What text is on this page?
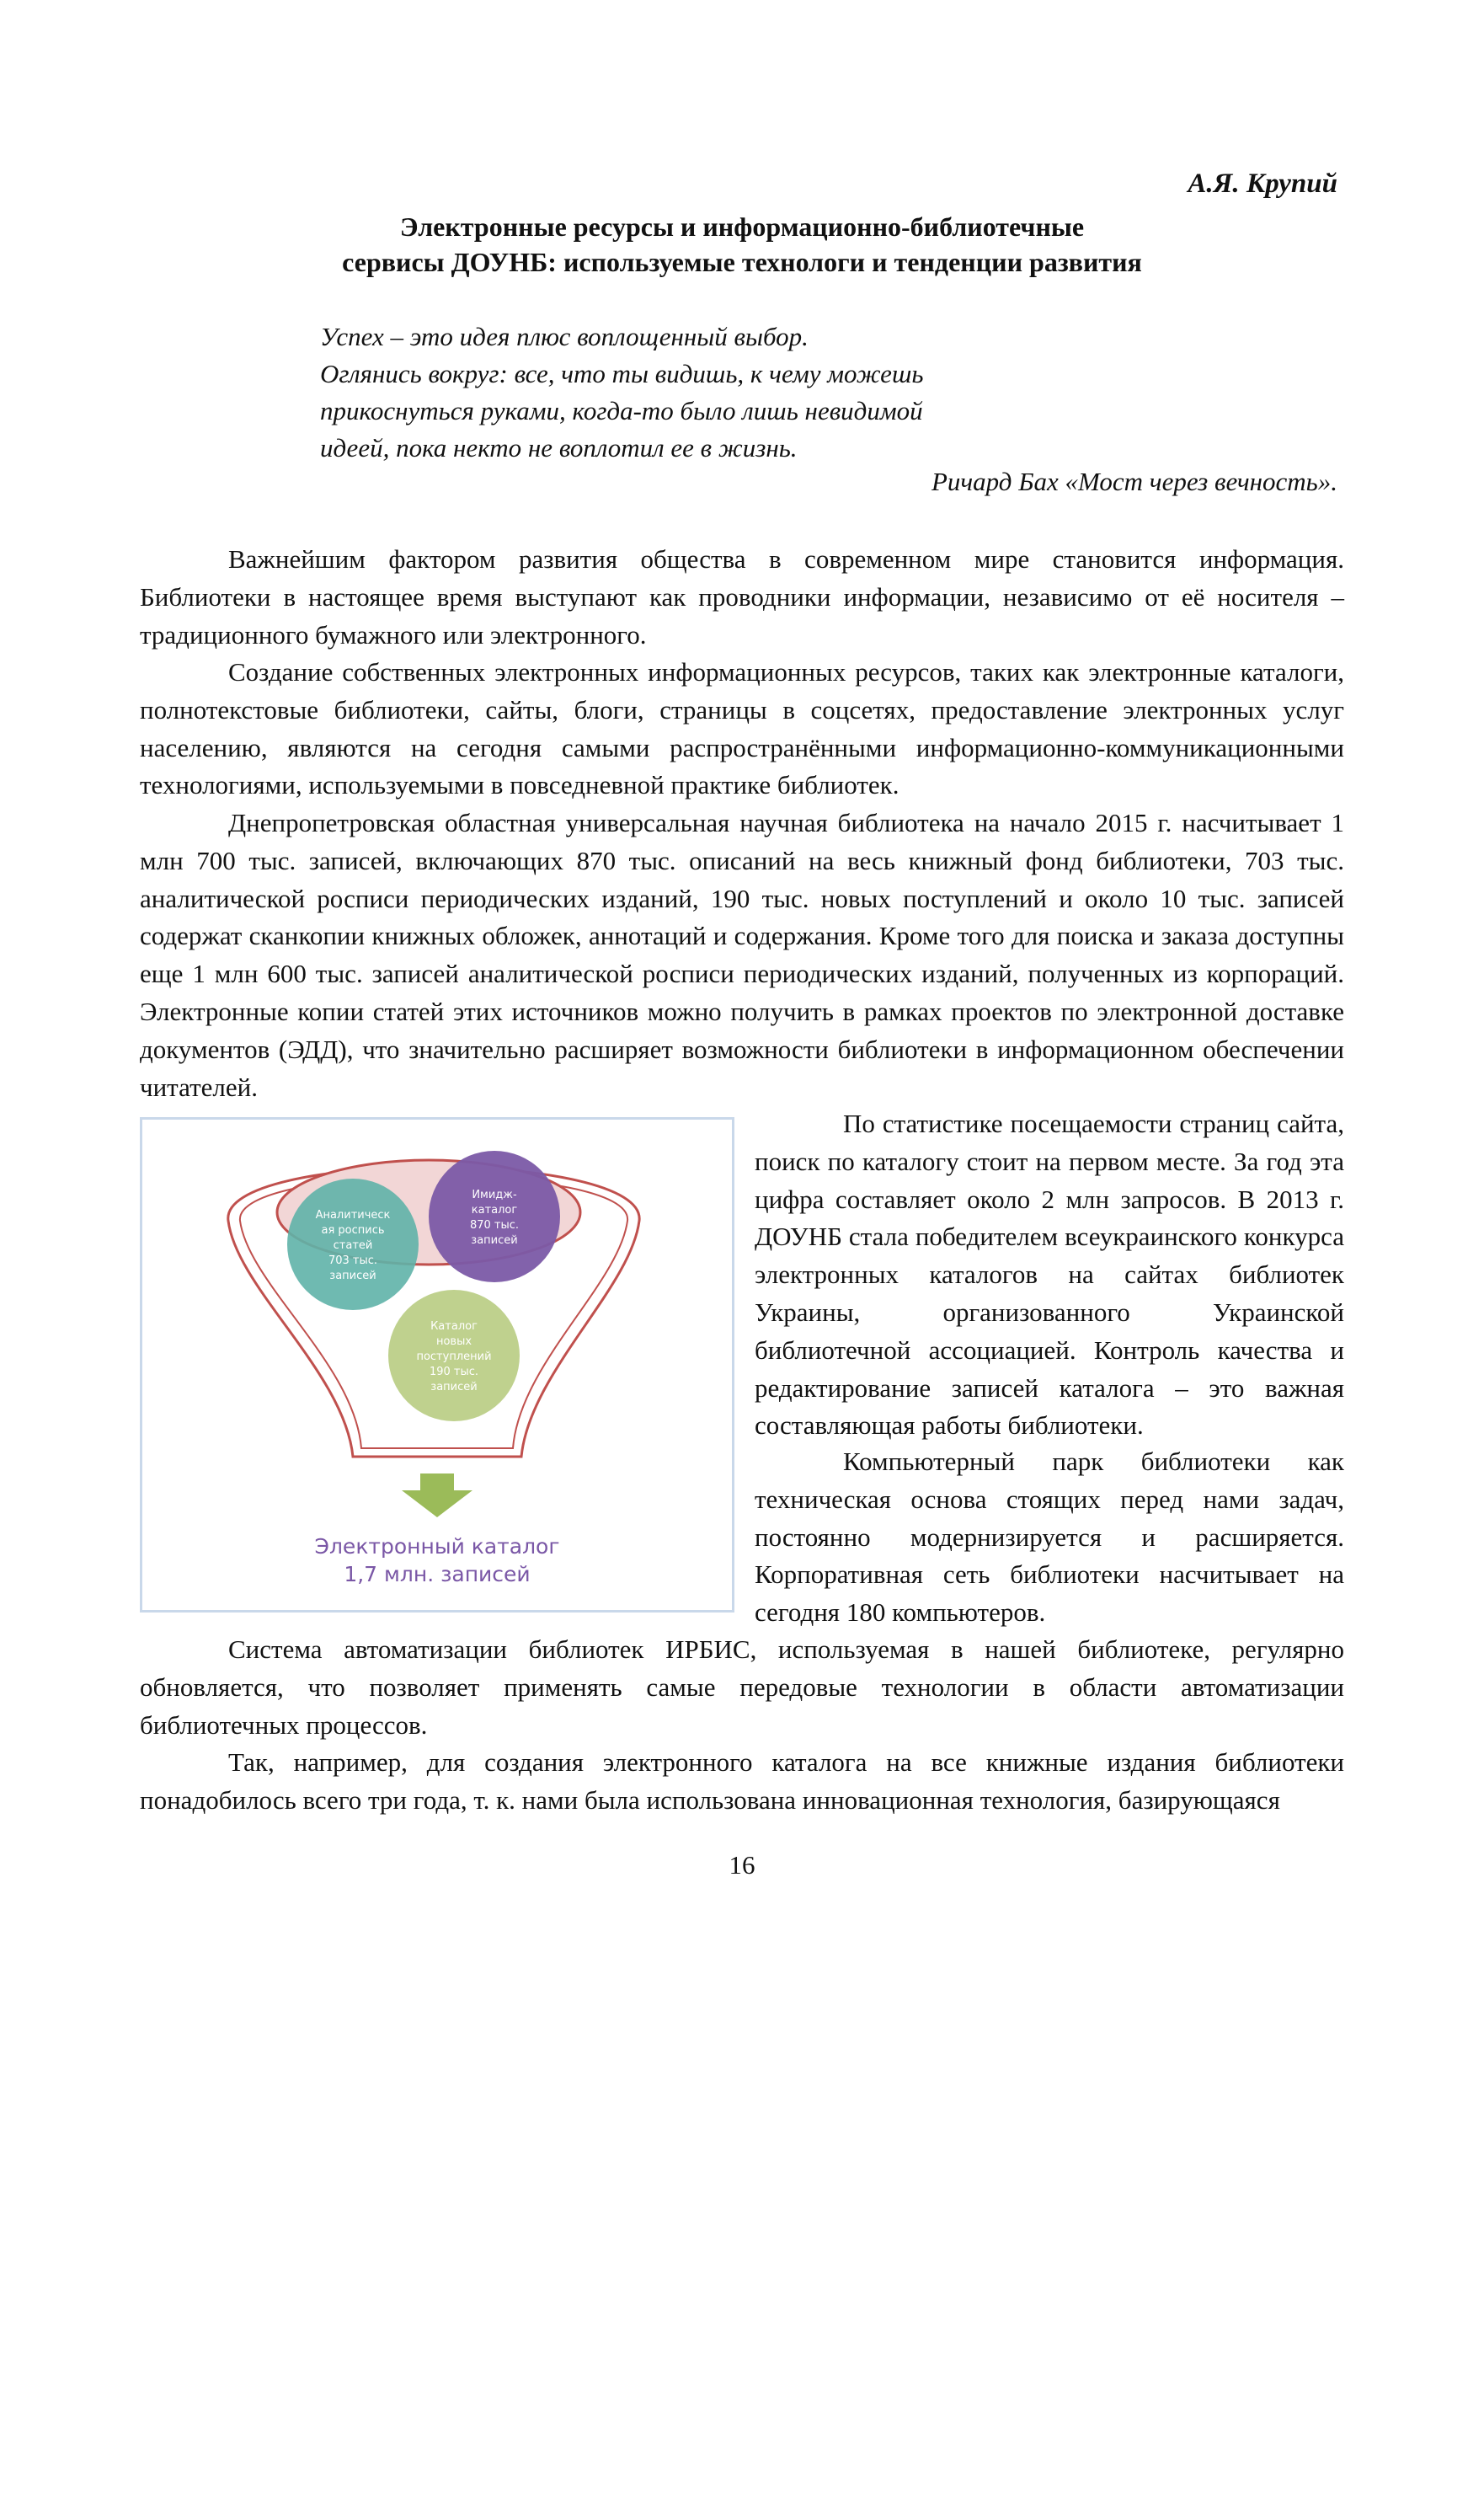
А.Я. Крупий
Электронные ресурсы и информационно-библиотечные
сервисы ДОУНБ: используемые технологи и тенденции развития
Успех – это идея плюс воплощенный выбор.
Оглянись вокруг: все, что ты видишь, к чему можешь
прикоснуться руками, когда-то было лишь невидимой
идеей, пока некто не воплотил ее в жизнь.
Ричард Бах «Мост через вечность».

Важнейшим фактором развития общества в современном мире становится информация. Библиотеки в настоящее время выступают как проводники информации, независимо от её носителя – традиционного бумажного или электронного.

Создание собственных электронных информационных ресурсов, таких как электронные каталоги, полнотекстовые библиотеки, сайты, блоги, страницы в соцсетях, предоставление электронных услуг населению, являются на сегодня самыми распространёнными информационно-коммуникационными технологиями, используемыми в повседневной практике библиотек.

Днепропетровская областная универсальная научная библиотека на начало 2015 г. насчитывает 1 млн 700 тыс. записей, включающих 870 тыс. описаний на весь книжный фонд библиотеки, 703 тыс. аналитической росписи периодических изданий, 190 тыс. новых поступлений и около 10 тыс. записей содержат сканкопии книжных обложек, аннотаций и содержания. Кроме того для поиска и заказа доступны еще 1 млн 600 тыс. записей аналитической росписи периодических изданий, полученных из корпораций. Электронные копии статей этих источников можно получить в рамках проектов по электронной доставке документов (ЭДД), что значительно расширяет возможности библиотеки в информационном обеспечении читателей.

По статистике посещаемости страниц сайта, поиск по каталогу стоит на первом месте. За год эта цифра составляет около 2 млн запросов. В 2013 г. ДОУНБ стала победителем всеукраинского конкурса электронных каталогов на сайтах библиотек Украины, организованного Украинской библиотечной ассоциацией. Контроль качества и редактирование записей каталога – это важная составляющая работы библиотеки.

Компьютерный парк библиотеки как техническая основа стоящих перед нами задач, постоянно модернизируется и расширяется. Корпоративная сеть библиотеки насчитывает на сегодня 180 компьютеров.

Система автоматизации библиотек ИРБИС, используемая в нашей библиотеке, регулярно обновляется, что позволяет применять самые передовые технологии в области автоматизации библиотечных процессов.

Так, например, для создания электронного каталога на все книжные издания библиотеки понадобилось всего три года, т. к. нами была использована инновационная технология, базирующаяся

Аналитическ
ая роспись
статей
703 тыс.
записей
Имидж-
каталог
870 тыс.
записей
Каталог
новых
поступлений
190 тыс.
записей
Электронный каталог
1,7 млн. записей
16
